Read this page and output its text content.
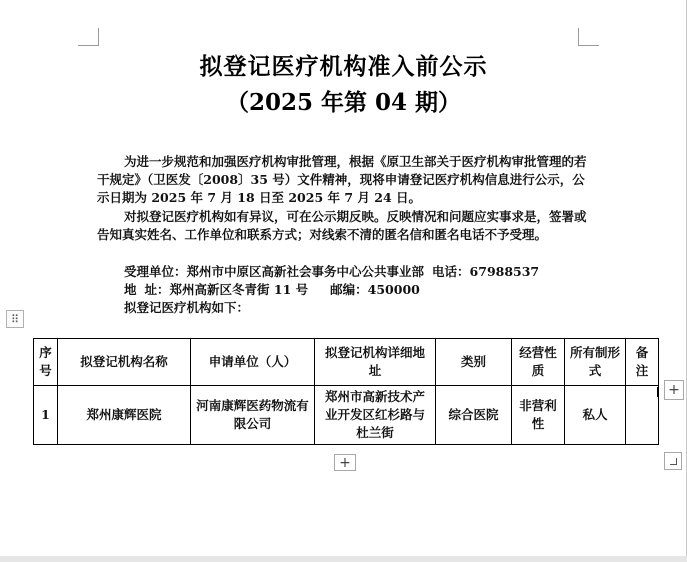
拟登记医疗机构准入前公示
（2025 年第 04 期）

为进一步规范和加强医疗机构审批管理，根据《原卫生部关于医疗机构审批管理的若干规定》（卫医发〔2008〕35 号）文件精神，现将申请登记医疗机构信息进行公示，公示日期为 2025 年 7 月 18 日至 2025 年 7 月 24 日。

对拟登记医疗机构如有异议，可在公示期反映。反映情况和问题应实事求是，签署或告知真实姓名、工作单位和联系方式；对线索不清的匿名信和匿名电话不予受理。

受理单位：郑州市中原区高新社会事务中心公共事业部 电话：67988537
地 址：郑州高新区冬青街 11 号 邮编：450000
拟登记医疗机构如下：
⠿
序号	拟登记机构名称	申请单位（人）	拟登记机构详细地址	类别	经营性质	所有制形式	备注
1	郑州康辉医院	河南康辉医药物流有限公司	郑州市高新技术产业开发区红杉路与杜兰街	综合医院	非营利性	私人	
+
+
